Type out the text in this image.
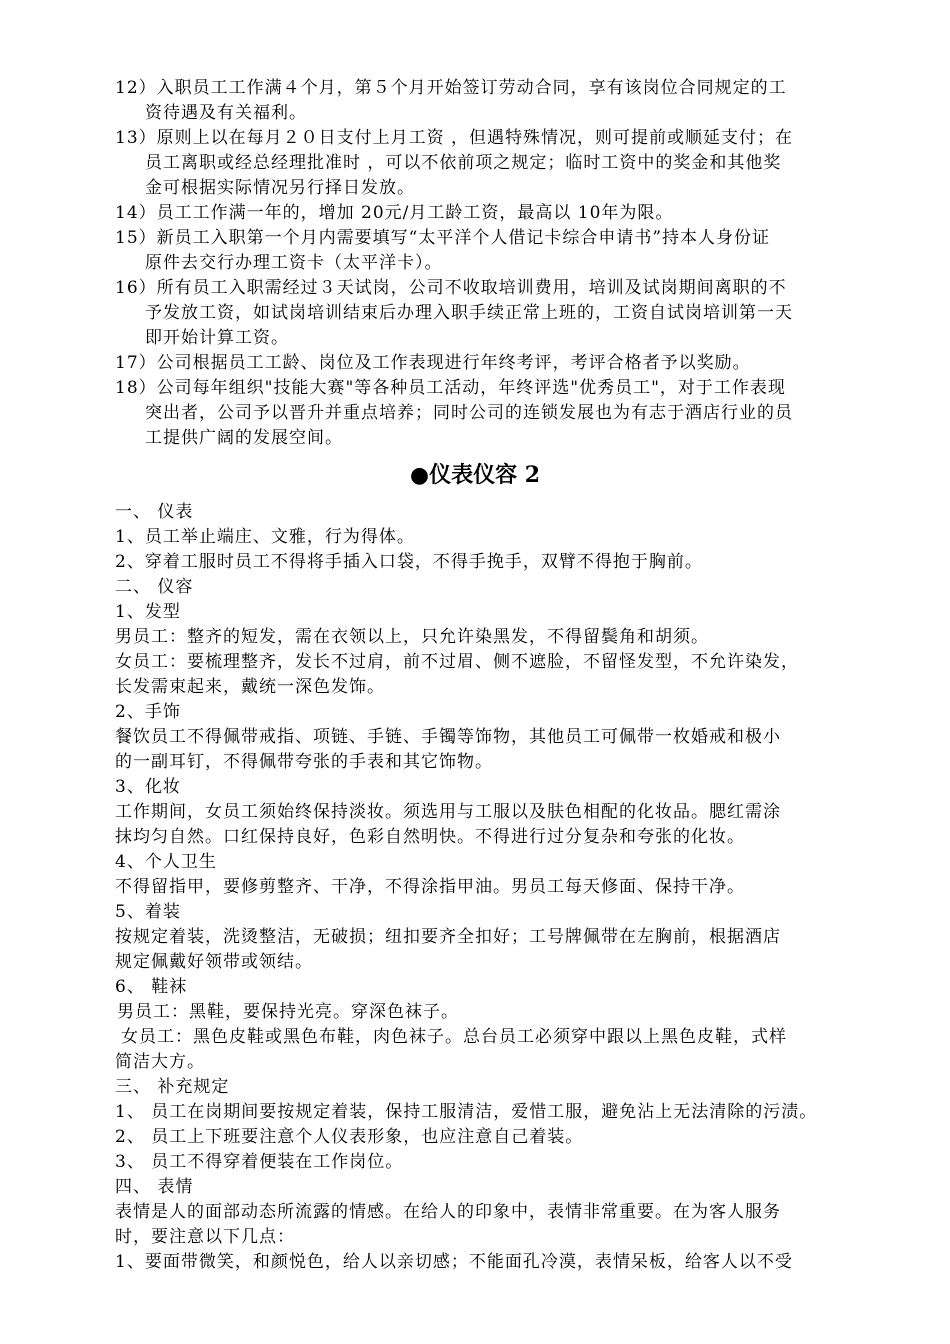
12）入职员工工作满４个月，第５个月开始签订劳动合同，享有该岗位合同规定的工
资待遇及有关福利。
13）原则上以在每月２０日支付上月工资 ，但遇特殊情况，则可提前或顺延支付；在
员工离职或经总经理批准时 ，可以不依前项之规定；临时工资中的奖金和其他奖
金可根据实际情况另行择日发放。
14）员工工作满一年的，增加 20元/月工龄工资，最高以 10年为限。
15）新员工入职第一个月内需要填写“太平洋个人借记卡综合申请书”持本人身份证
原件去交行办理工资卡（太平洋卡）。
16）所有员工入职需经过３天试岗，公司不收取培训费用，培训及试岗期间离职的不
予发放工资，如试岗培训结束后办理入职手续正常上班的，工资自试岗培训第一天
即开始计算工资。
17）公司根据员工工龄、岗位及工作表现进行年终考评，考评合格者予以奖励。
18）公司每年组织"技能大赛"等各种员工活动，年终评选"优秀员工"，对于工作表现
突出者，公司予以晋升并重点培养；同时公司的连锁发展也为有志于酒店行业的员
工提供广阔的发展空间。
●仪表仪容 2
一、 仪表
1、员工举止端庄、文雅，行为得体。
2、穿着工服时员工不得将手插入口袋，不得手挽手，双臂不得抱于胸前。
二、 仪容
1、发型
男员工：整齐的短发，需在衣领以上，只允许染黑发，不得留鬓角和胡须。
女员工：要梳理整齐，发长不过肩，前不过眉、侧不遮脸，不留怪发型，不允许染发，
长发需束起来，戴统一深色发饰。
2、手饰
餐饮员工不得佩带戒指、项链、手链、手镯等饰物，其他员工可佩带一枚婚戒和极小
的一副耳钉，不得佩带夸张的手表和其它饰物。
3、化妆
工作期间，女员工须始终保持淡妆。须选用与工服以及肤色相配的化妆品。腮红需涂
抹均匀自然。口红保持良好，色彩自然明快。不得进行过分复杂和夸张的化妆。
4、个人卫生
不得留指甲，要修剪整齐、干净，不得涂指甲油。男员工每天修面、保持干净。
5、着装
按规定着装，洗烫整洁，无破损；纽扣要齐全扣好；工号牌佩带在左胸前，根据酒店
规定佩戴好领带或领结。
6、 鞋袜
男员工：黑鞋，要保持光亮。穿深色袜子。
女员工：黑色皮鞋或黑色布鞋，肉色袜子。总台员工必须穿中跟以上黑色皮鞋，式样
简洁大方。
三、 补充规定
1、 员工在岗期间要按规定着装，保持工服清洁，爱惜工服，避免沾上无法清除的污渍。
2、 员工上下班要注意个人仪表形象，也应注意自己着装。
3、 员工不得穿着便装在工作岗位。
四、 表情
表情是人的面部动态所流露的情感。在给人的印象中，表情非常重要。在为客人服务
时，要注意以下几点：
1、要面带微笑，和颜悦色，给人以亲切感；不能面孔冷漠，表情呆板，给客人以不受
